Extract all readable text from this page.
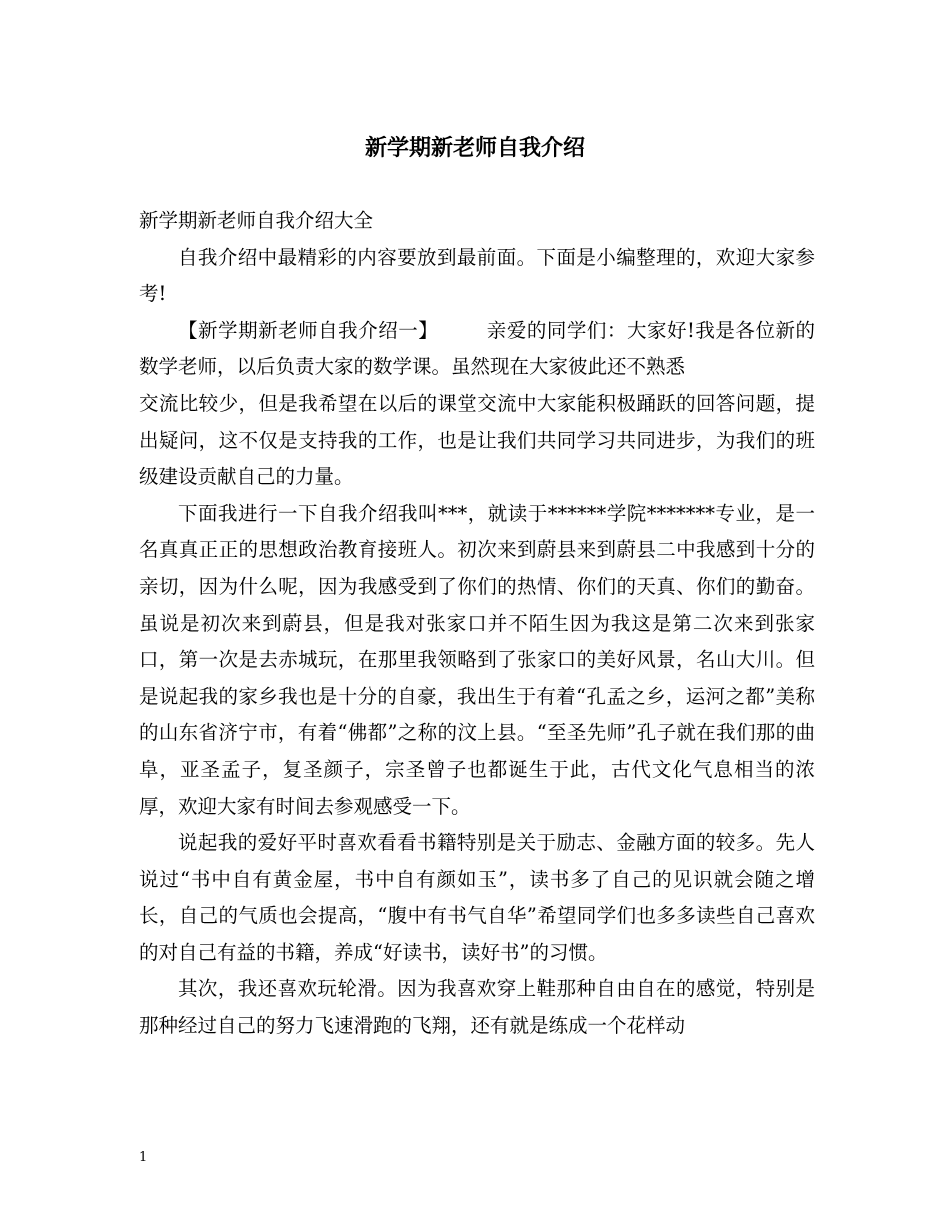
新学期新老师自我介绍

新学期新老师自我介绍大全

自我介绍中最精彩的内容要放到最前面。下面是小编整理的，欢迎大家参考!

【新学期新老师自我介绍一】 亲爱的同学们：大家好!我是各位新的数学老师，以后负责大家的数学课。虽然现在大家彼此还不熟悉

交流比较少，但是我希望在以后的课堂交流中大家能积极踊跃的回答问题，提出疑问，这不仅是支持我的工作，也是让我们共同学习共同进步，为我们的班级建设贡献自己的力量。

下面我进行一下自我介绍我叫***，就读于******学院*******专业，是一名真真正正的思想政治教育接班人。初次来到蔚县来到蔚县二中我感到十分的亲切，因为什么呢，因为我感受到了你们的热情、你们的天真、你们的勤奋。虽说是初次来到蔚县，但是我对张家口并不陌生因为我这是第二次来到张家口，第一次是去赤城玩，在那里我领略到了张家口的美好风景，名山大川。但是说起我的家乡我也是十分的自豪，我出生于有着“孔孟之乡，运河之都”美称的山东省济宁市，有着“佛都”之称的汶上县。“至圣先师”孔子就在我们那的曲阜，亚圣孟子，复圣颜子，宗圣曾子也都诞生于此，古代文化气息相当的浓厚，欢迎大家有时间去参观感受一下。

说起我的爱好平时喜欢看看书籍特别是关于励志、金融方面的较多。先人说过“书中自有黄金屋，书中自有颜如玉”，读书多了自己的见识就会随之增长，自己的气质也会提高，“腹中有书气自华”希望同学们也多多读些自己喜欢的对自己有益的书籍，养成“好读书，读好书”的习惯。

其次，我还喜欢玩轮滑。因为我喜欢穿上鞋那种自由自在的感觉，特别是那种经过自己的努力飞速滑跑的飞翔，还有就是练成一个花样动

1
